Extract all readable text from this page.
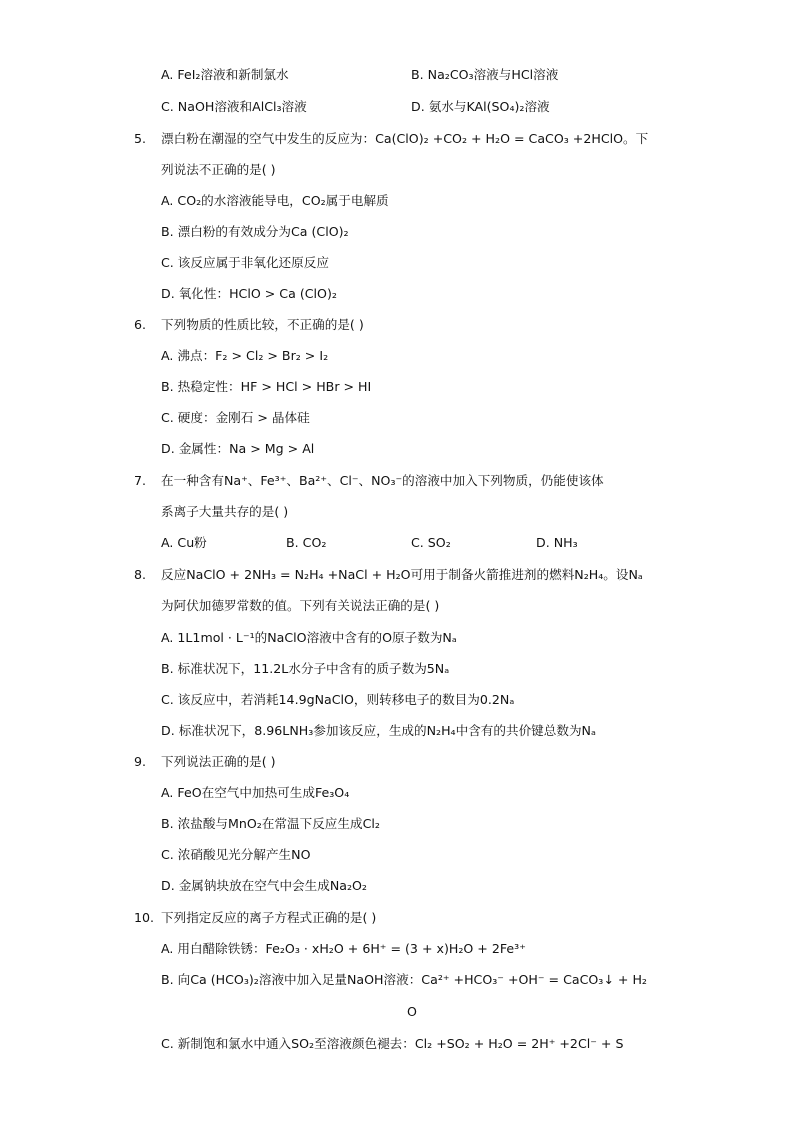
A. FeI₂溶液和新制氯水	B. Na₂CO₃溶液与HCl溶液
C. NaOH溶液和AlCl₃溶液	D. 氨水与KAl(SO₄)₂溶液
5. 漂白粉在潮湿的空气中发生的反应为：Ca(ClO)₂ +CO₂ + H₂O = CaCO₃ +2HClO。下
列说法不正确的是( )
A. CO₂的水溶液能导电，CO₂属于电解质
B. 漂白粉的有效成分为Ca (ClO)₂
C. 该反应属于非氧化还原反应
D. 氧化性：HClO > Ca (ClO)₂
6. 下列物质的性质比较，不正确的是( )
A. 沸点：F₂ > Cl₂ > Br₂ > I₂
B. 热稳定性：HF > HCl > HBr > HI
C. 硬度：金刚石 > 晶体硅
D. 金属性：Na > Mg > Al
7. 在一种含有Na⁺、Fe³⁺、Ba²⁺、Cl⁻、NO₃⁻的溶液中加入下列物质，仍能使该体
系离子大量共存的是( )
A. Cu粉	B. CO₂	C. SO₂	D. NH₃
8. 反应NaClO + 2NH₃ = N₂H₄ +NaCl + H₂O可用于制备火箭推进剂的燃料N₂H₄。设Nₐ
为阿伏加德罗常数的值。下列有关说法正确的是( )
A. 1L1mol · L⁻¹的NaClO溶液中含有的O原子数为Nₐ
B. 标准状况下，11.2L水分子中含有的质子数为5Nₐ
C. 该反应中，若消耗14.9gNaClO，则转移电子的数目为0.2Nₐ
D. 标准状况下，8.96LNH₃参加该反应，生成的N₂H₄中含有的共价键总数为Nₐ
9. 下列说法正确的是( )
A. FeO在空气中加热可生成Fe₃O₄
B. 浓盐酸与MnO₂在常温下反应生成Cl₂
C. 浓硝酸见光分解产生NO
D. 金属钠块放在空气中会生成Na₂O₂
10. 下列指定反应的离子方程式正确的是( )
A. 用白醋除铁锈：Fe₂O₃ · xH₂O + 6H⁺ = (3 + x)H₂O + 2Fe³⁺
B. 向Ca (HCO₃)₂溶液中加入足量NaOH溶液：Ca²⁺ +HCO₃⁻ +OH⁻ = CaCO₃↓ + H₂
O
C. 新制饱和氯水中通入SO₂至溶液颜色褪去：Cl₂ +SO₂ + H₂O = 2H⁺ +2Cl⁻ + S
